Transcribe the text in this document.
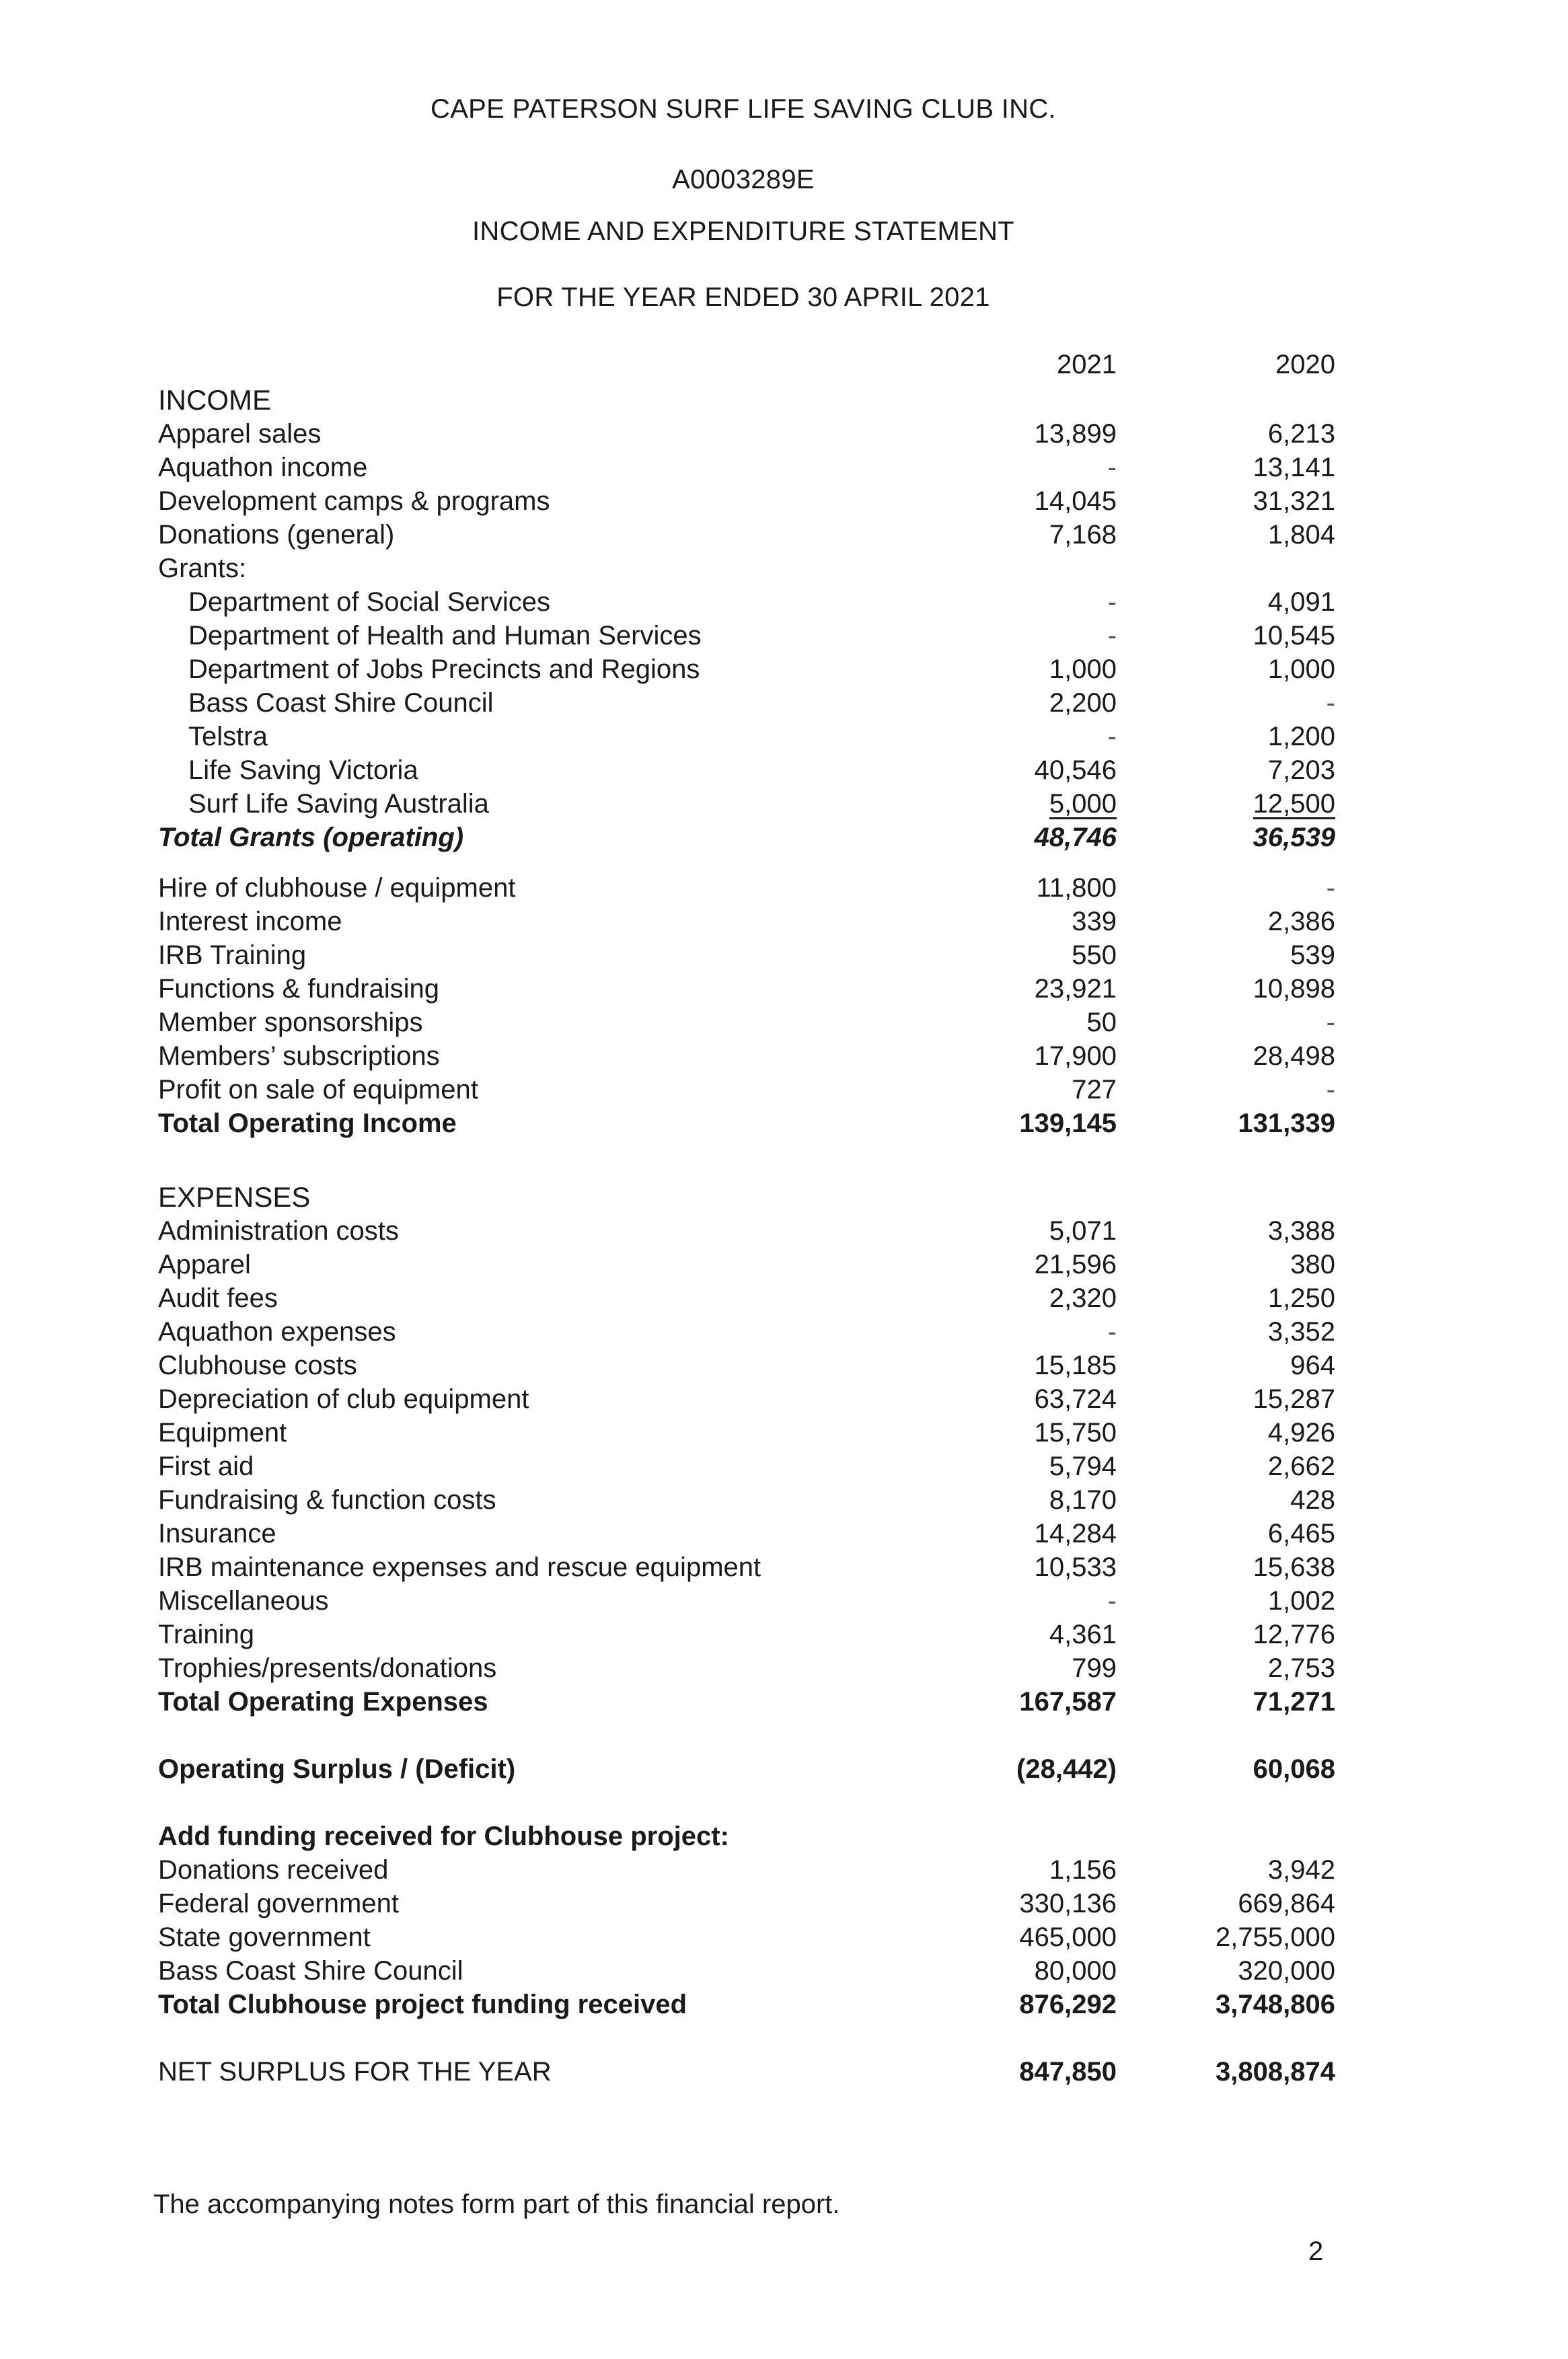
CAPE PATERSON SURF LIFE SAVING CLUB INC.
A0003289E
INCOME AND EXPENDITURE STATEMENT
FOR THE YEAR ENDED 30 APRIL 2021
2021	2020
INCOME
Apparel sales	13,899	6,213
Aquathon income	-	13,141
Development camps & programs	14,045	31,321
Donations (general)	7,168	1,804
Grants:
Department of Social Services	-	4,091
Department of Health and Human Services	-	10,545
Department of Jobs Precincts and Regions	1,000	1,000
Bass Coast Shire Council	2,200	-
Telstra	-	1,200
Life Saving Victoria	40,546	7,203
Surf Life Saving Australia	5,000	12,500
Total Grants (operating)	48,746	36,539
Hire of clubhouse / equipment	11,800	-
Interest income	339	2,386
IRB Training	550	539
Functions & fundraising	23,921	10,898
Member sponsorships	50	-
Members’ subscriptions	17,900	28,498
Profit on sale of equipment	727	-
Total Operating Income	139,145	131,339
EXPENSES
Administration costs	5,071	3,388
Apparel	21,596	380
Audit fees	2,320	1,250
Aquathon expenses	-	3,352
Clubhouse costs	15,185	964
Depreciation of club equipment	63,724	15,287
Equipment	15,750	4,926
First aid	5,794	2,662
Fundraising & function costs	8,170	428
Insurance	14,284	6,465
IRB maintenance expenses and rescue equipment	10,533	15,638
Miscellaneous	-	1,002
Training	4,361	12,776
Trophies/presents/donations	799	2,753
Total Operating Expenses	167,587	71,271
Operating Surplus / (Deficit)	(28,442)	60,068
Add funding received for Clubhouse project:
Donations received	1,156	3,942
Federal government	330,136	669,864
State government	465,000	2,755,000
Bass Coast Shire Council	80,000	320,000
Total Clubhouse project funding received	876,292	3,748,806
NET SURPLUS FOR THE YEAR	847,850	3,808,874
The accompanying notes form part of this financial report.
2
